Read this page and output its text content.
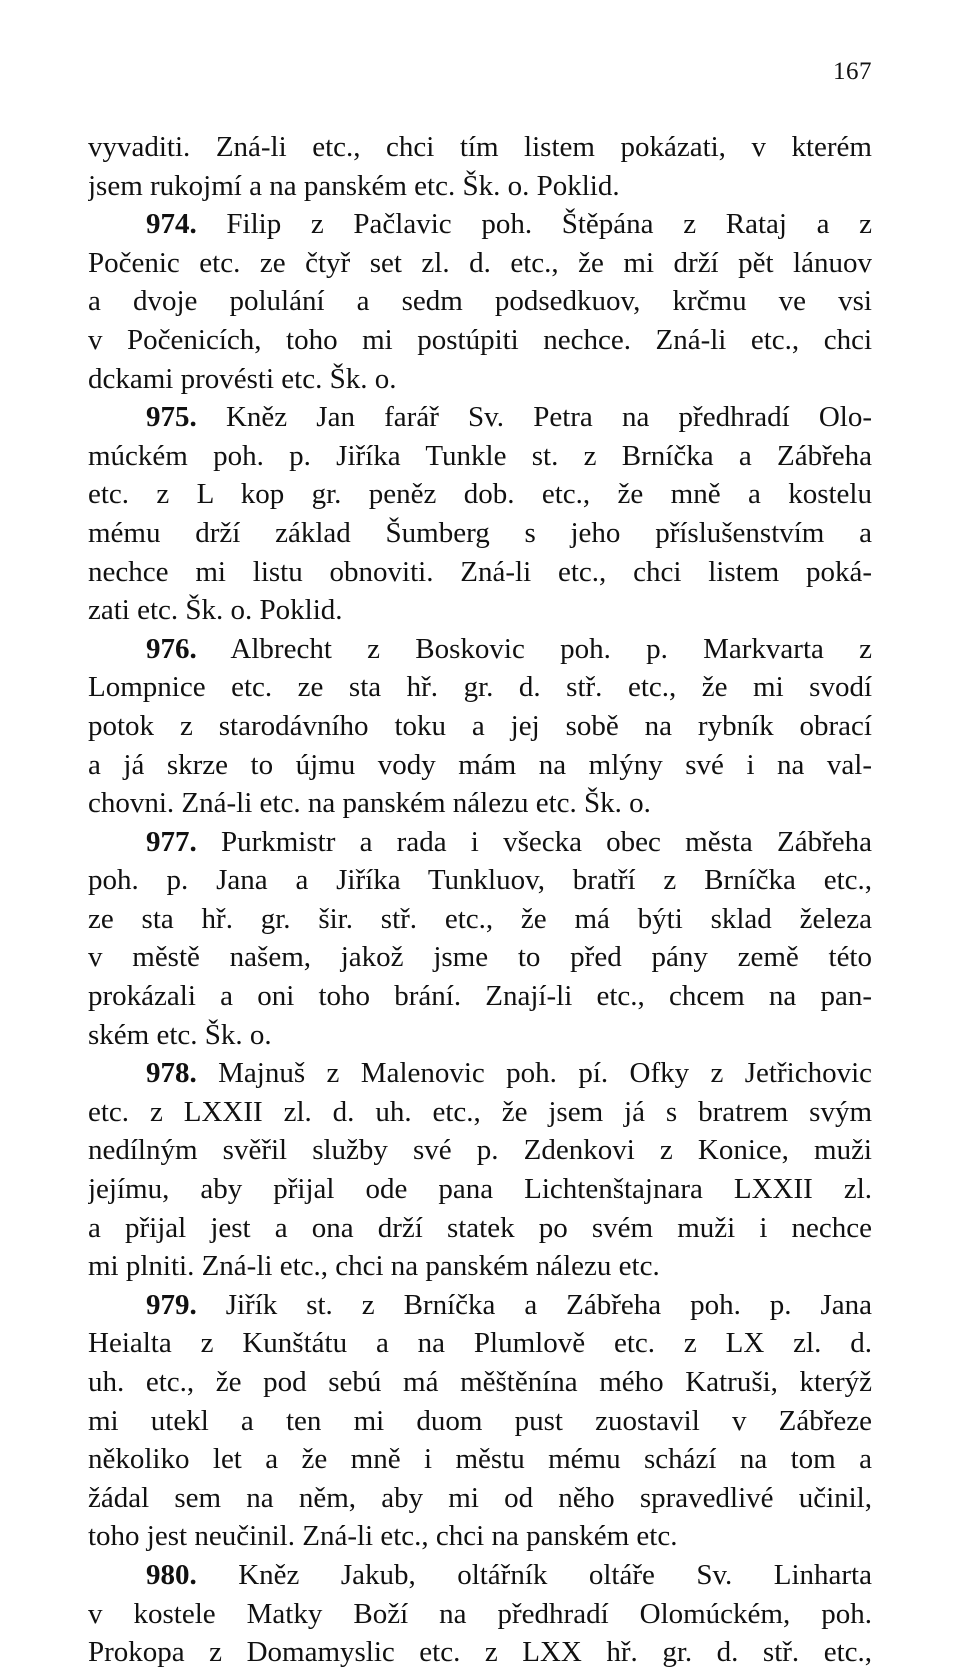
167
vyvaditi. Zná-li etc., chci tím listem pokázati, v kterém
jsem rukojmí a na panském etc. Šk. o. Poklid.
974. Filip z Pačlavic poh. Štěpána z Rataj a z
Počenic etc. ze čtyř set zl. d. etc., že mi drží pět lánuov
a dvoje polulání a sedm podsedkuov, krčmu ve vsi
v Počenicích, toho mi postúpiti nechce. Zná-li etc., chci
dckami provésti etc. Šk. o.
975. Kněz Jan farář Sv. Petra na předhradí Olo-
múckém poh. p. Jiříka Tunkle st. z Brníčka a Zábřeha
etc. z L kop gr. peněz dob. etc., že mně a kostelu
mému drží základ Šumberg s jeho příslušenstvím a
nechce mi listu obnoviti. Zná-li etc., chci listem poká-
zati etc. Šk. o. Poklid.
976. Albrecht z Boskovic poh. p. Markvarta z
Lompnice etc. ze sta hř. gr. d. stř. etc., že mi svodí
potok z starodávního toku a jej sobě na rybník obrací
a já skrze to újmu vody mám na mlýny své i na val-
chovni. Zná-li etc. na panském nálezu etc. Šk. o.
977. Purkmistr a rada i všecka obec města Zábřeha
poh. p. Jana a Jiříka Tunkluov, bratří z Brníčka etc.,
ze sta hř. gr. šir. stř. etc., že má býti sklad železa
v městě našem, jakož jsme to před pány země této
prokázali a oni toho brání. Znají-li etc., chcem na pan-
ském etc. Šk. o.
978. Majnuš z Malenovic poh. pí. Ofky z Jetřichovic
etc. z LXXII zl. d. uh. etc., že jsem já s bratrem svým
nedílným svěřil služby své p. Zdenkovi z Konice, muži
jejímu, aby přijal ode pana Lichtenštajnara LXXII zl.
a přijal jest a ona drží statek po svém muži i nechce
mi plniti. Zná-li etc., chci na panském nálezu etc.
979. Jiřík st. z Brníčka a Zábřeha poh. p. Jana
Heialta z Kunštátu a na Plumlově etc. z LX zl. d.
uh. etc., že pod sebú má měštěnína mého Katruši, kterýž
mi utekl a ten mi duom pust zuostavil v Zábřeze
několiko let a že mně i městu mému schází na tom a
žádal sem na něm, aby mi od něho spravedlivé učinil,
toho jest neučinil. Zná-li etc., chci na panském etc.
980. Kněz Jakub, oltářník oltáře Sv. Linharta
v kostele Matky Boží na předhradí Olomúckém, poh.
Prokopa z Domamyslic etc. z LXX hř. gr. d. stř. etc.,
